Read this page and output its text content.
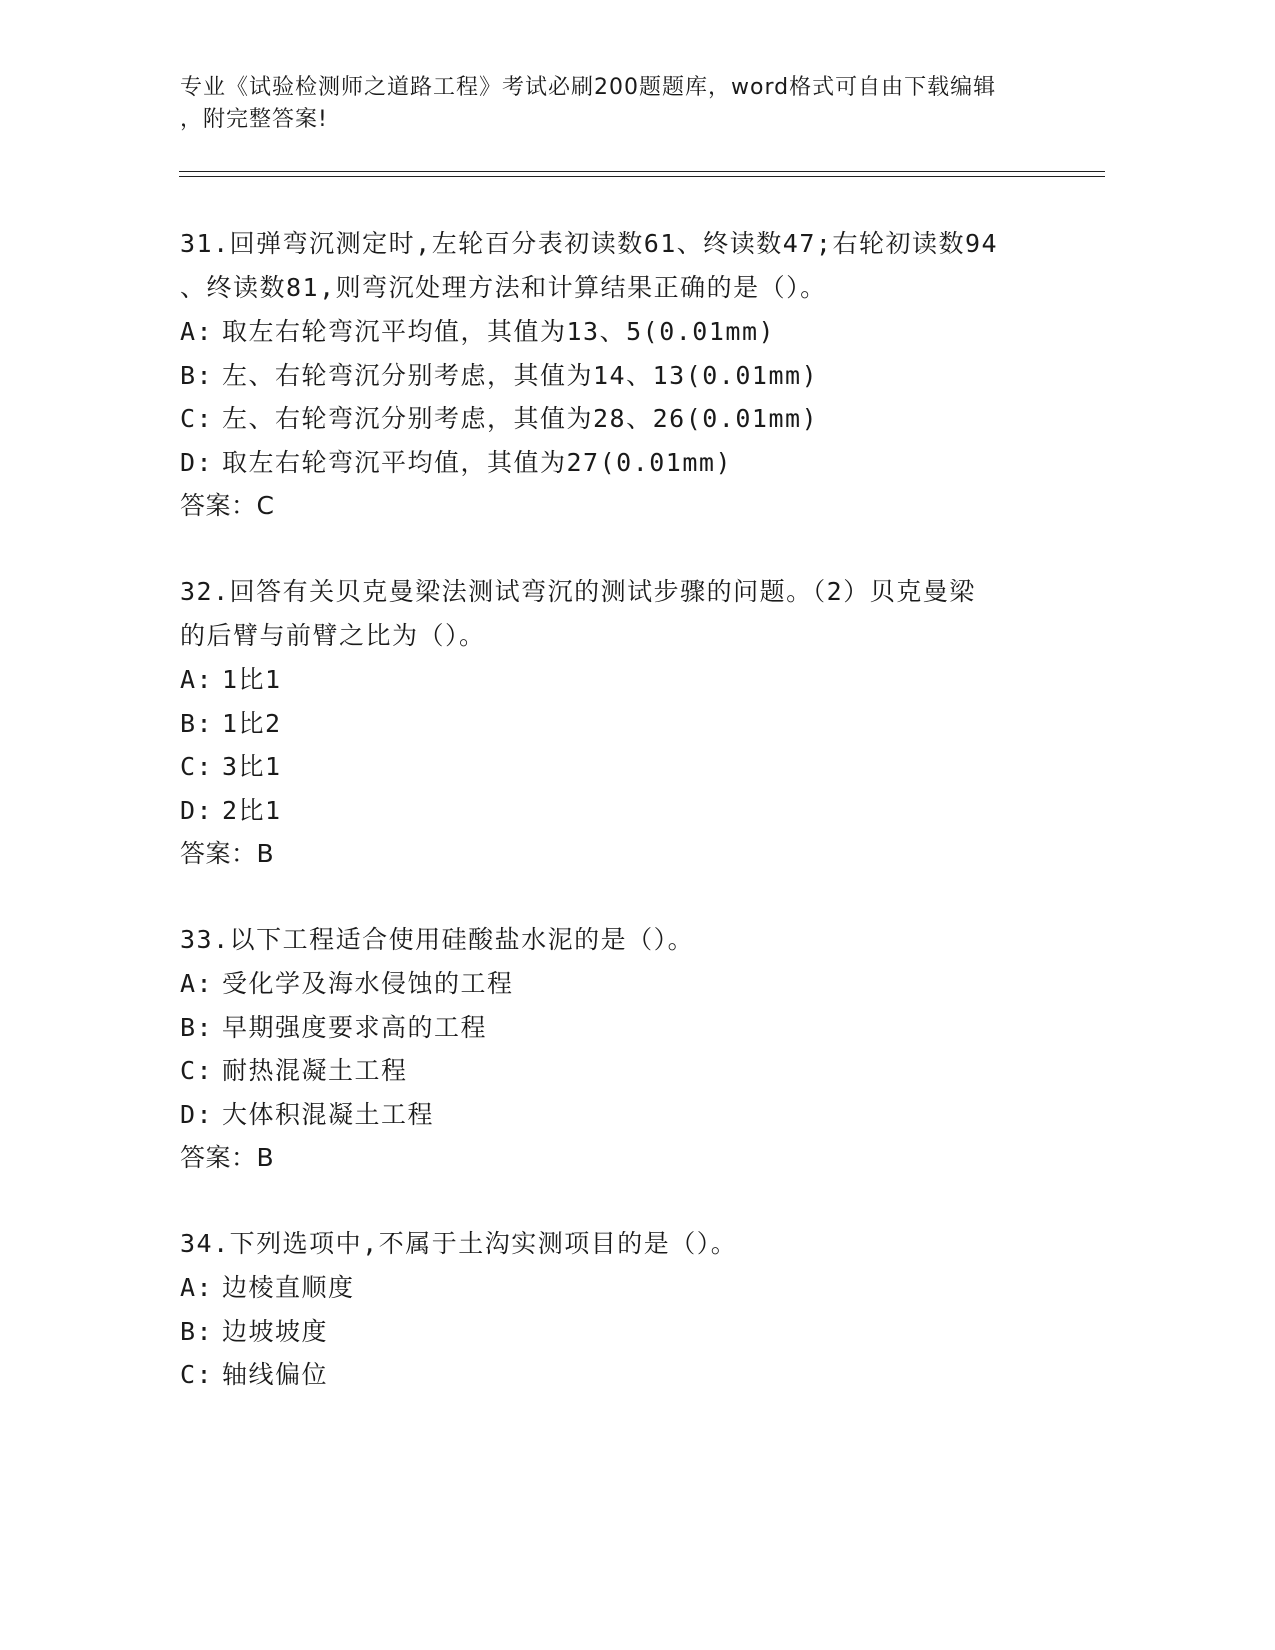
专业《试验检测师之道路工程》考试必刷200题题库，word格式可自由下载编辑
，附完整答案!
31.回弹弯沉测定时,左轮百分表初读数61、终读数47;右轮初读数94
、终读数81,则弯沉处理方法和计算结果正确的是（）。
A: 取左右轮弯沉平均值，其值为13、5(0.01mm)
B: 左、右轮弯沉分别考虑，其值为14、13(0.01mm)
C: 左、右轮弯沉分别考虑，其值为28、26(0.01mm)
D: 取左右轮弯沉平均值，其值为27(0.01mm)
答案：C
32.回答有关贝克曼梁法测试弯沉的测试步骤的问题。（2）贝克曼梁
的后臂与前臂之比为（）。
A: 1比1
B: 1比2
C: 3比1
D: 2比1
答案：B
33.以下工程适合使用硅酸盐水泥的是（）。
A: 受化学及海水侵蚀的工程
B: 早期强度要求高的工程
C: 耐热混凝土工程
D: 大体积混凝土工程
答案：B
34.下列选项中,不属于土沟实测项目的是（）。
A: 边棱直顺度
B: 边坡坡度
C: 轴线偏位
